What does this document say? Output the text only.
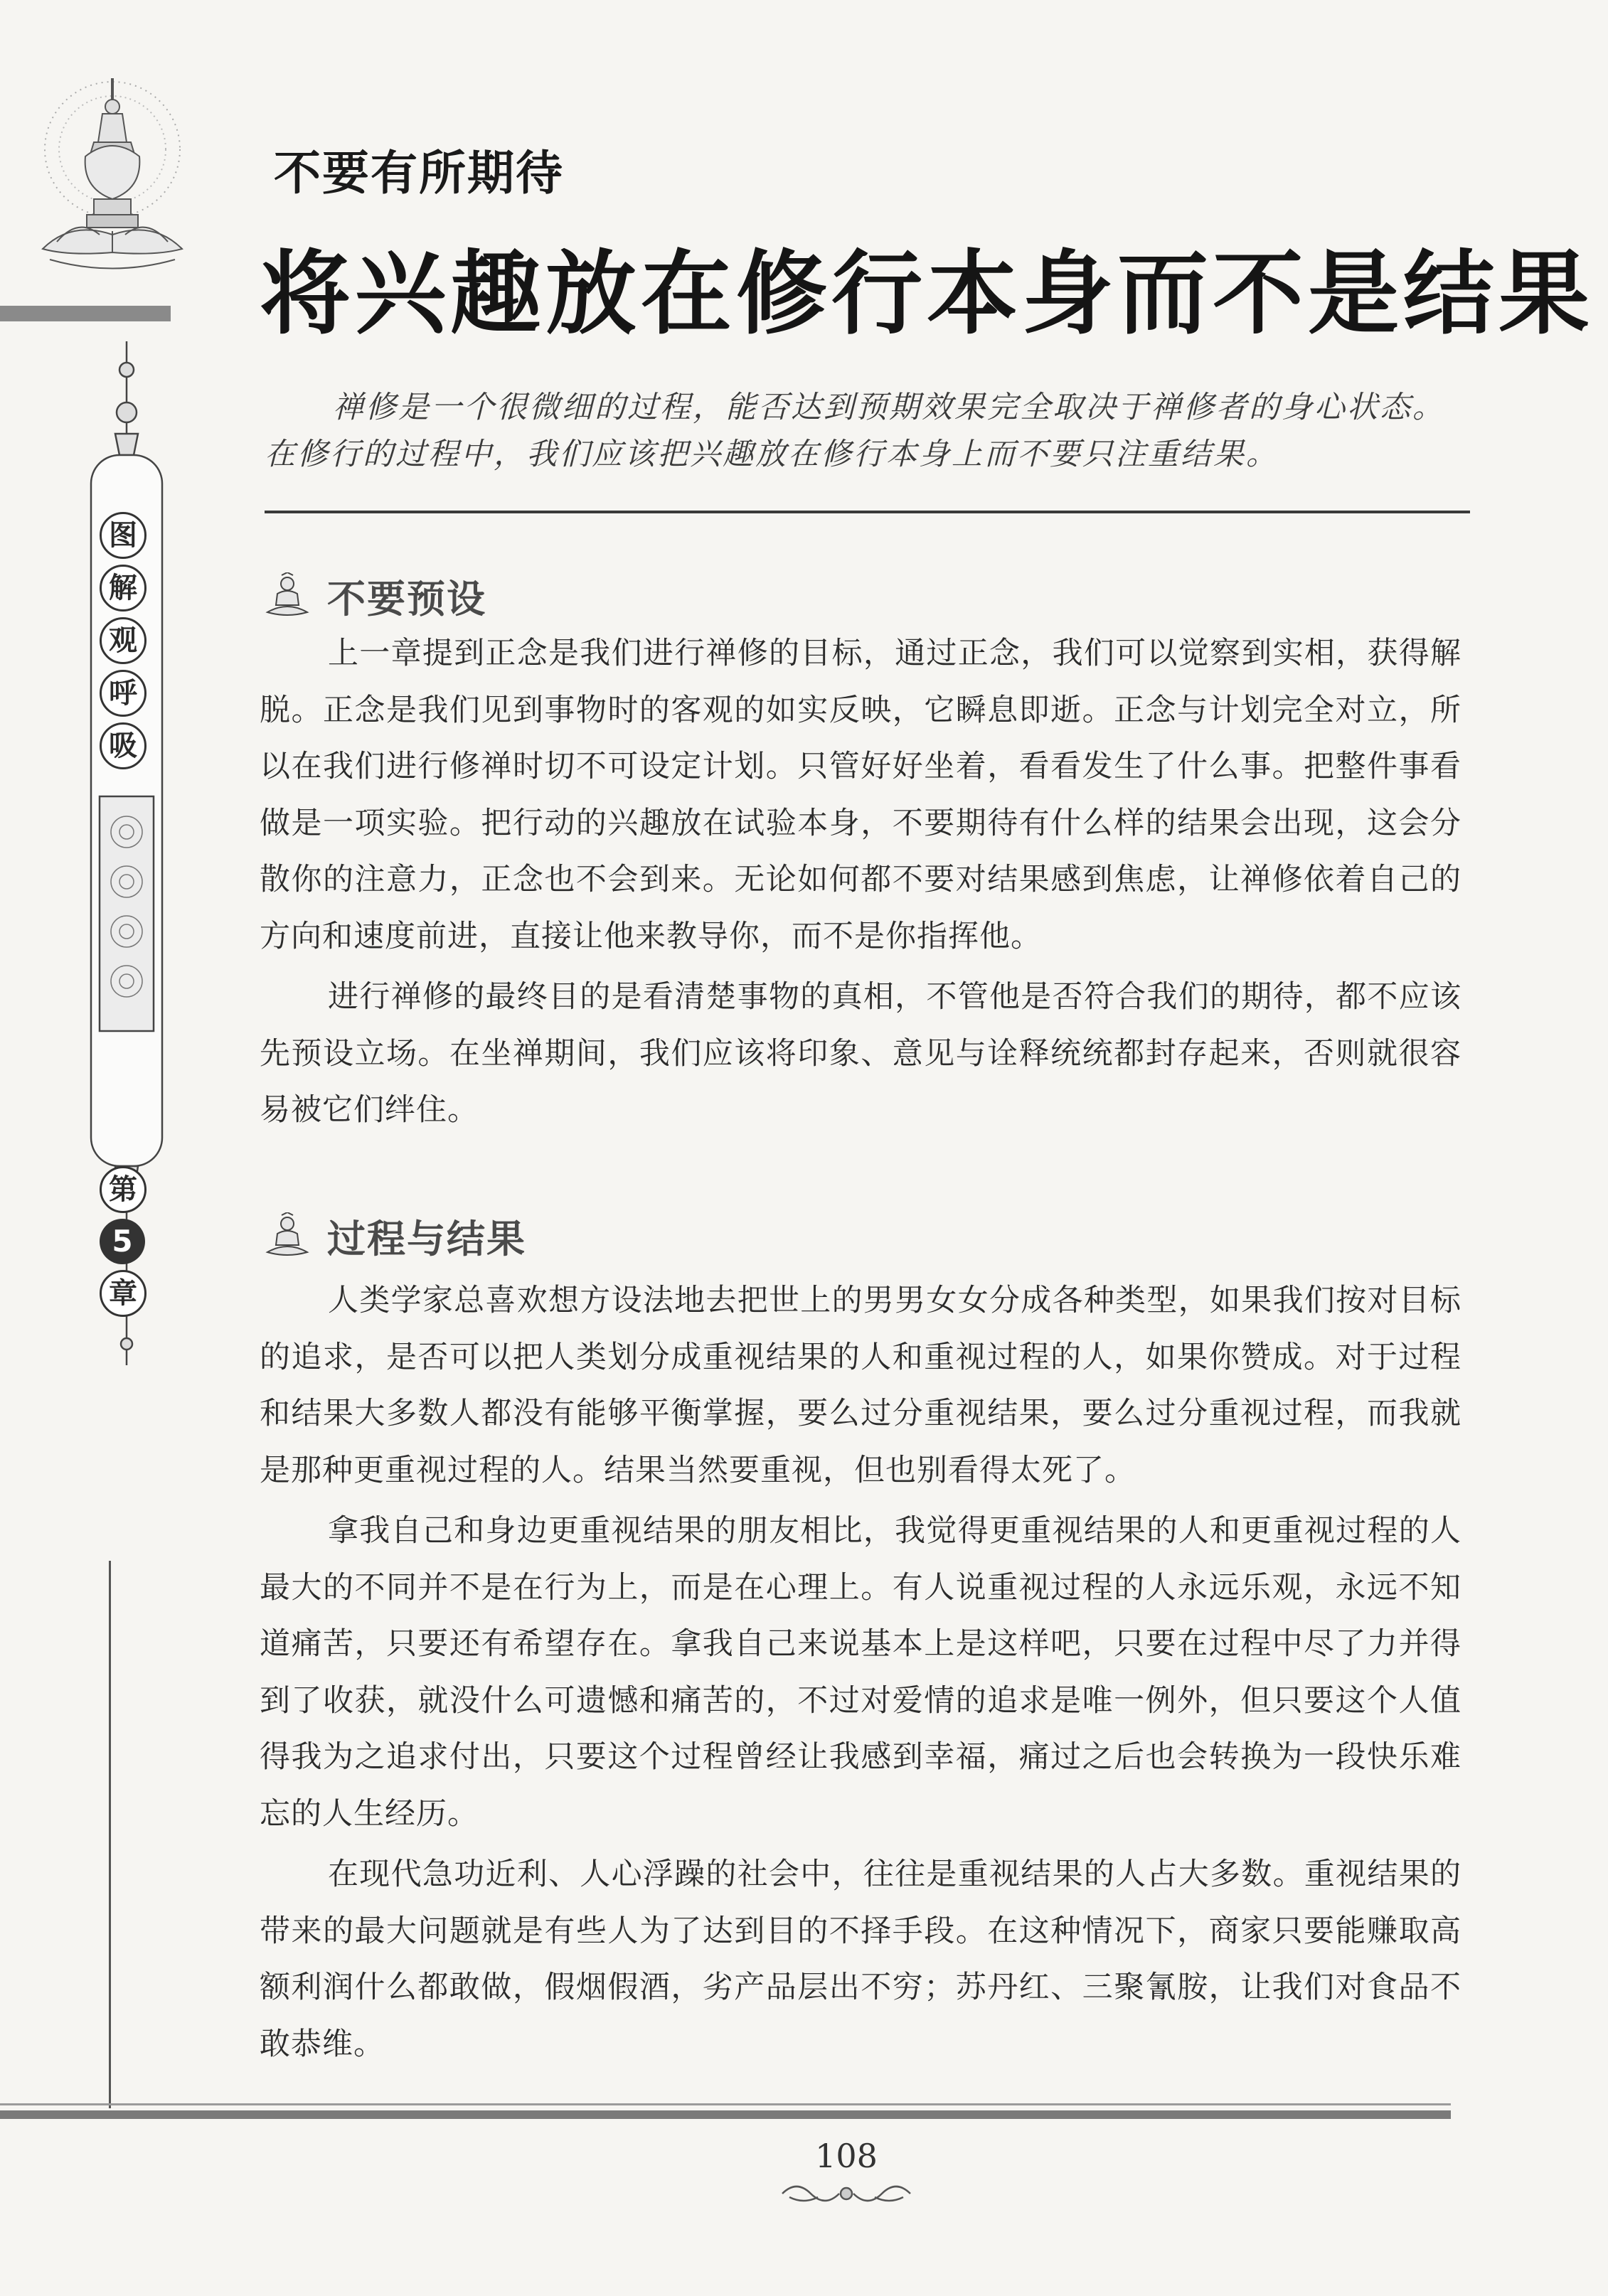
不要有所期待
将兴趣放在修行本身而不是结果
图
解
观
呼
吸
第
5
章

禅修是一个很微细的过程，能否达到预期效果完全取决于禅修者的身心状态。在修行的过程中，我们应该把兴趣放在修行本身上而不要只注重结果。

不要预设

上一章提到正念是我们进行禅修的目标，通过正念，我们可以觉察到实相，获得解脱。正念是我们见到事物时的客观的如实反映，它瞬息即逝。正念与计划完全对立，所以在我们进行修禅时切不可设定计划。只管好好坐着，看看发生了什么事。把整件事看做是一项实验。把行动的兴趣放在试验本身，不要期待有什么样的结果会出现，这会分散你的注意力，正念也不会到来。无论如何都不要对结果感到焦虑，让禅修依着自己的方向和速度前进，直接让他来教导你，而不是你指挥他。

进行禅修的最终目的是看清楚事物的真相，不管他是否符合我们的期待，都不应该先预设立场。在坐禅期间，我们应该将印象、意见与诠释统统都封存起来，否则就很容易被它们绊住。

过程与结果

人类学家总喜欢想方设法地去把世上的男男女女分成各种类型，如果我们按对目标的追求，是否可以把人类划分成重视结果的人和重视过程的人，如果你赞成。对于过程和结果大多数人都没有能够平衡掌握，要么过分重视结果，要么过分重视过程，而我就是那种更重视过程的人。结果当然要重视，但也别看得太死了。

拿我自己和身边更重视结果的朋友相比，我觉得更重视结果的人和更重视过程的人最大的不同并不是在行为上，而是在心理上。有人说重视过程的人永远乐观，永远不知道痛苦，只要还有希望存在。拿我自己来说基本上是这样吧，只要在过程中尽了力并得到了收获，就没什么可遗憾和痛苦的，不过对爱情的追求是唯一例外，但只要这个人值得我为之追求付出，只要这个过程曾经让我感到幸福，痛过之后也会转换为一段快乐难忘的人生经历。

在现代急功近利、人心浮躁的社会中，往往是重视结果的人占大多数。重视结果的带来的最大问题就是有些人为了达到目的不择手段。在这种情况下，商家只要能赚取高额利润什么都敢做，假烟假酒，劣产品层出不穷；苏丹红、三聚氰胺，让我们对食品不敢恭维。

108
